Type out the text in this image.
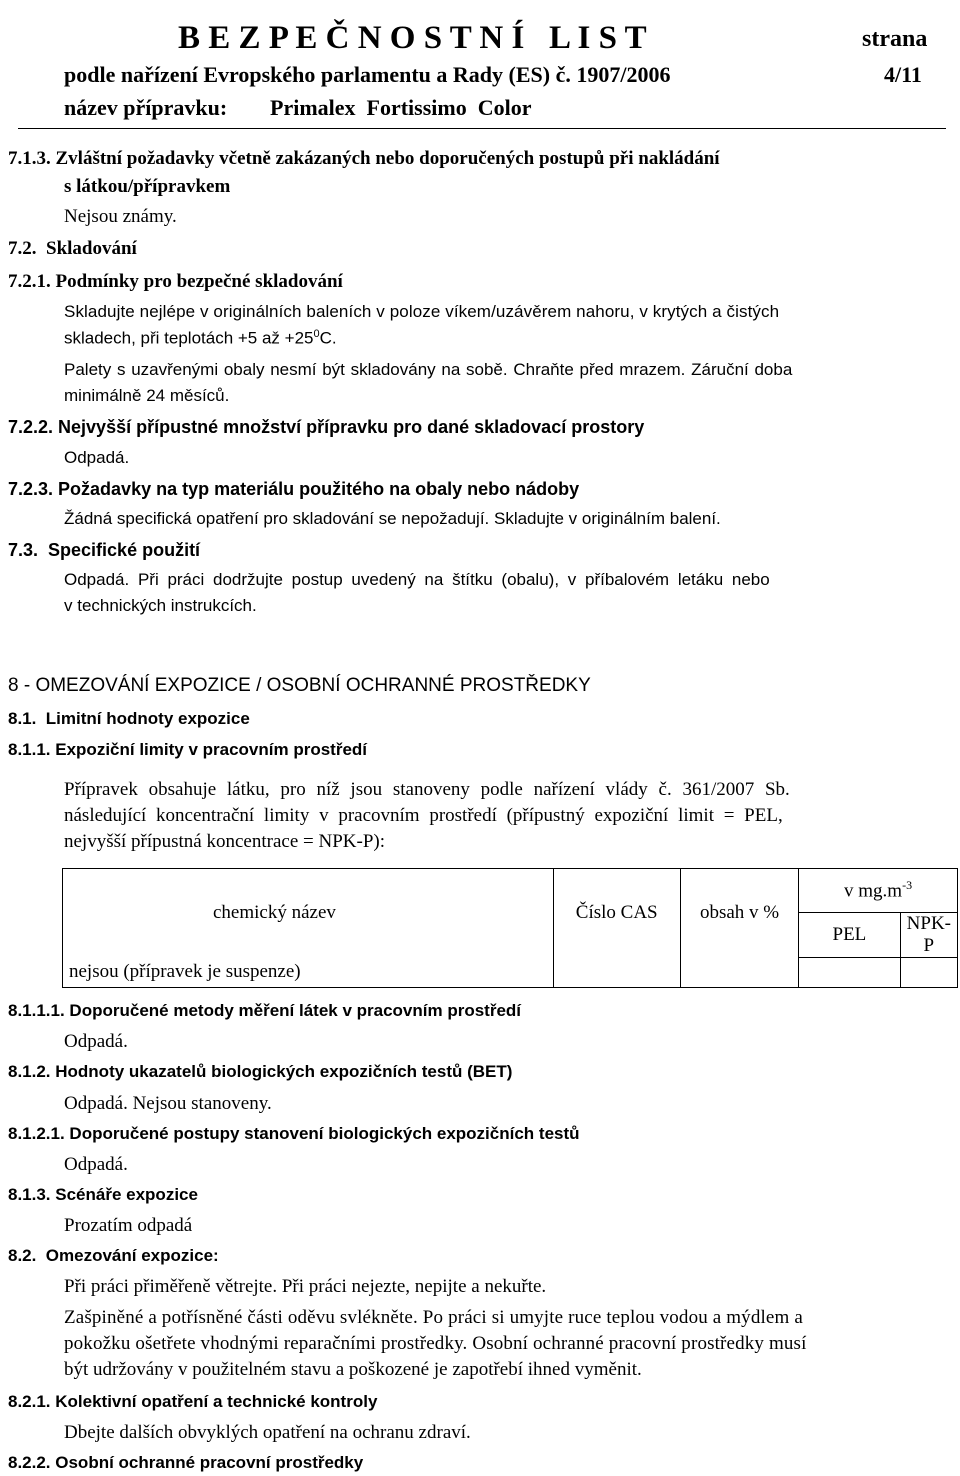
B E Z P E Č N O S T N Í   L I S T	strana
podle nařízení Evropského parlamentu a Rady (ES) č. 1907/2006	4/11
název přípravku: Primalex  Fortissimo  Color
7.1.3. Zvláštní požadavky včetně zakázaných nebo doporučených postupů při nakládání
s látkou/přípravkem
Nejsou známy.
7.2.  Skladování
7.2.1. Podmínky pro bezpečné skladování
Skladujte nejlépe v originálních baleních v poloze víkem/uzávěrem nahoru, v krytých a čistých
skladech, při teplotách +5 až $+25^0C$.
Palety s uzavřenými obaly nesmí být skladovány na sobě. Chraňte před mrazem. Záruční doba
minimálně 24 měsíců.
7.2.2. Nejvyšší přípustné množství přípravku pro dané skladovací prostory
Odpadá.
7.2.3. Požadavky na typ materiálu použitého na obaly nebo nádoby
Žádná specifická opatření pro skladování se nepožadují. Skladujte v originálním balení.
7.3.  Specifické použití
Odpadá. Při práci dodržujte postup uvedený na štítku (obalu), v příbalovém letáku nebo
v technických instrukcích.
8 - OMEZOVÁNÍ EXPOZICE / OSOBNÍ OCHRANNÉ PROSTŘEDKY
8.1.  Limitní hodnoty expozice
8.1.1. Expoziční limity v pracovním prostředí
Přípravek obsahuje látku, pro níž jsou stanoveny podle nařízení vlády č. 361/2007 Sb.
následující koncentrační limity v pracovním prostředí (přípustný expoziční limit = PEL,
nejvyšší přípustná koncentrace = NPK-P):
chemický název	Číslo CAS	obsah v %	v $mg.m^{-3}$
			PEL	NPK-P
nejsou (přípravek je suspenze)				
8.1.1.1. Doporučené metody měření látek v pracovním prostředí
Odpadá.
8.1.2. Hodnoty ukazatelů biologických expozičních testů (BET)
Odpadá. Nejsou stanoveny.
8.1.2.1. Doporučené postupy stanovení biologických expozičních testů
Odpadá.
8.1.3. Scénáře expozice
Prozatím odpadá
8.2.  Omezování expozice:
Při práci přiměřeně větrejte. Při práci nejezte, nepijte a nekuřte.
Zašpiněné a potřísněné části oděvu svlékněte. Po práci si umyjte ruce teplou vodou a mýdlem a
pokožku ošetřete vhodnými reparačními prostředky. Osobní ochranné pracovní prostředky musí
být udržovány v použitelném stavu a poškozené je zapotřebí ihned vyměnit.
8.2.1. Kolektivní opatření a technické kontroly
Dbejte dalších obvyklých opatření na ochranu zdraví.
8.2.2. Osobní ochranné pracovní prostředky
